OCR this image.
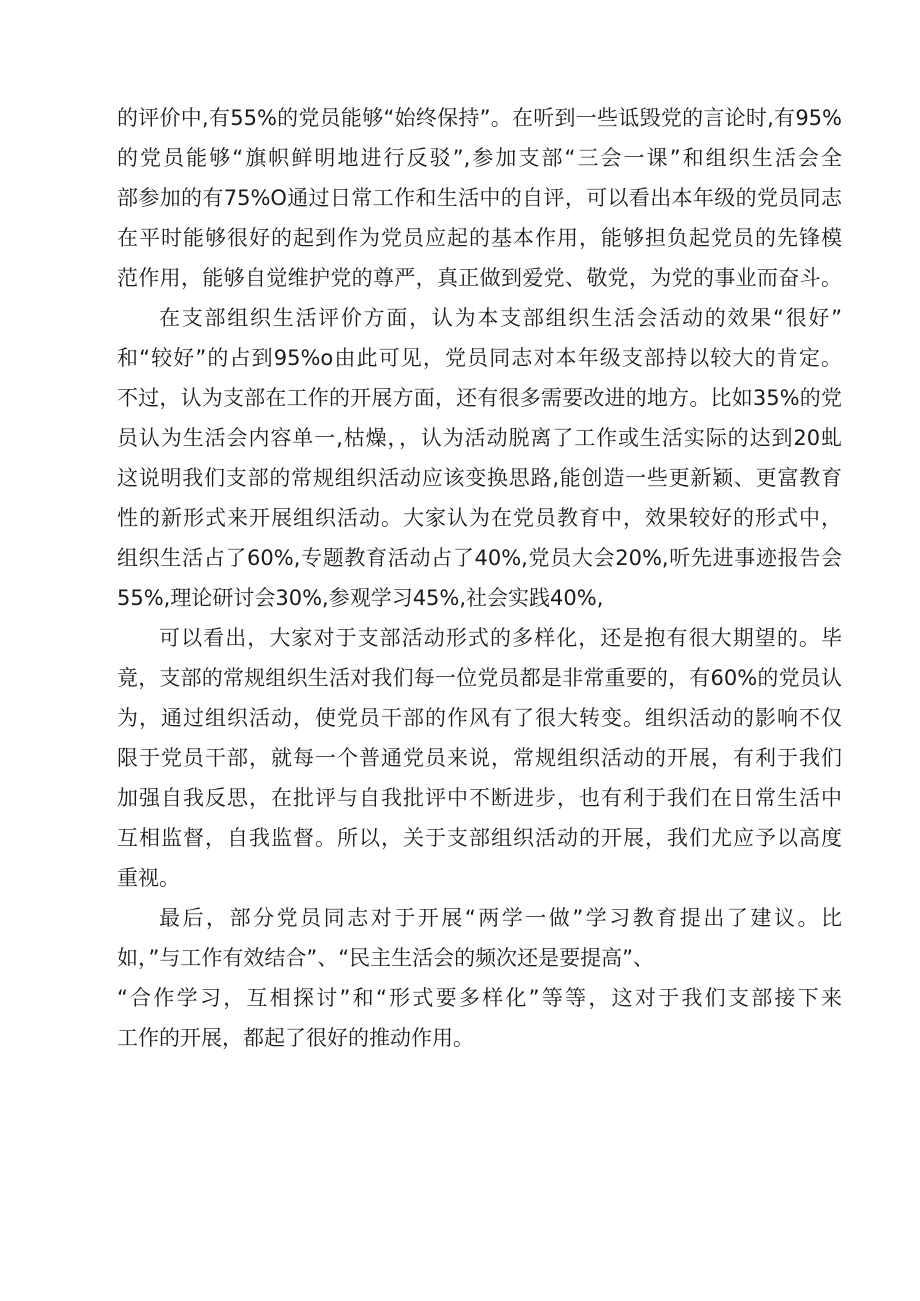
的评价中,有55%的党员能够“始终保持”。在听到一些诋毁党的言论时,有95%
的党员能够“旗帜鲜明地进行反驳”,参加支部“三会一课”和组织生活会全
部参加的有75%O通过日常工作和生活中的自评，可以看出本年级的党员同志
在平时能够很好的起到作为党员应起的基本作用，能够担负起党员的先锋模
范作用，能够自觉维护党的尊严，真正做到爱党、敬党，为党的事业而奋斗。
在支部组织生活评价方面，认为本支部组织生活会活动的效果“很好”
和“较好”的占到95%o由此可见，党员同志对本年级支部持以较大的肯定。
不过，认为支部在工作的开展方面，还有很多需要改进的地方。比如35%的党
员认为生活会内容单一,枯燥，，认为活动脱离了工作或生活实际的达到20虬
这说明我们支部的常规组织活动应该变换思路,能创造一些更新颖、更富教育
性的新形式来开展组织活动。大家认为在党员教育中，效果较好的形式中，
组织生活占了60%,专题教育活动占了40%,党员大会20%,听先进事迹报告会
55%,理论研讨会30%,参观学习45%,社会实践40%,
可以看出，大家对于支部活动形式的多样化，还是抱有很大期望的。毕
竟，支部的常规组织生活对我们每一位党员都是非常重要的，有60%的党员认
为，通过组织活动，使党员干部的作风有了很大转变。组织活动的影响不仅
限于党员干部，就每一个普通党员来说，常规组织活动的开展，有利于我们
加强自我反思，在批评与自我批评中不断进步，也有利于我们在日常生活中
互相监督，自我监督。所以，关于支部组织活动的开展，我们尤应予以高度
重视。
最后，部分党员同志对于开展“两学一做”学习教育提出了建议。比
如，”与工作有效结合”、“民主生活会的频次还是要提高”、
“合作学习，互相探讨”和“形式要多样化”等等，这对于我们支部接下来
工作的开展，都起了很好的推动作用。
